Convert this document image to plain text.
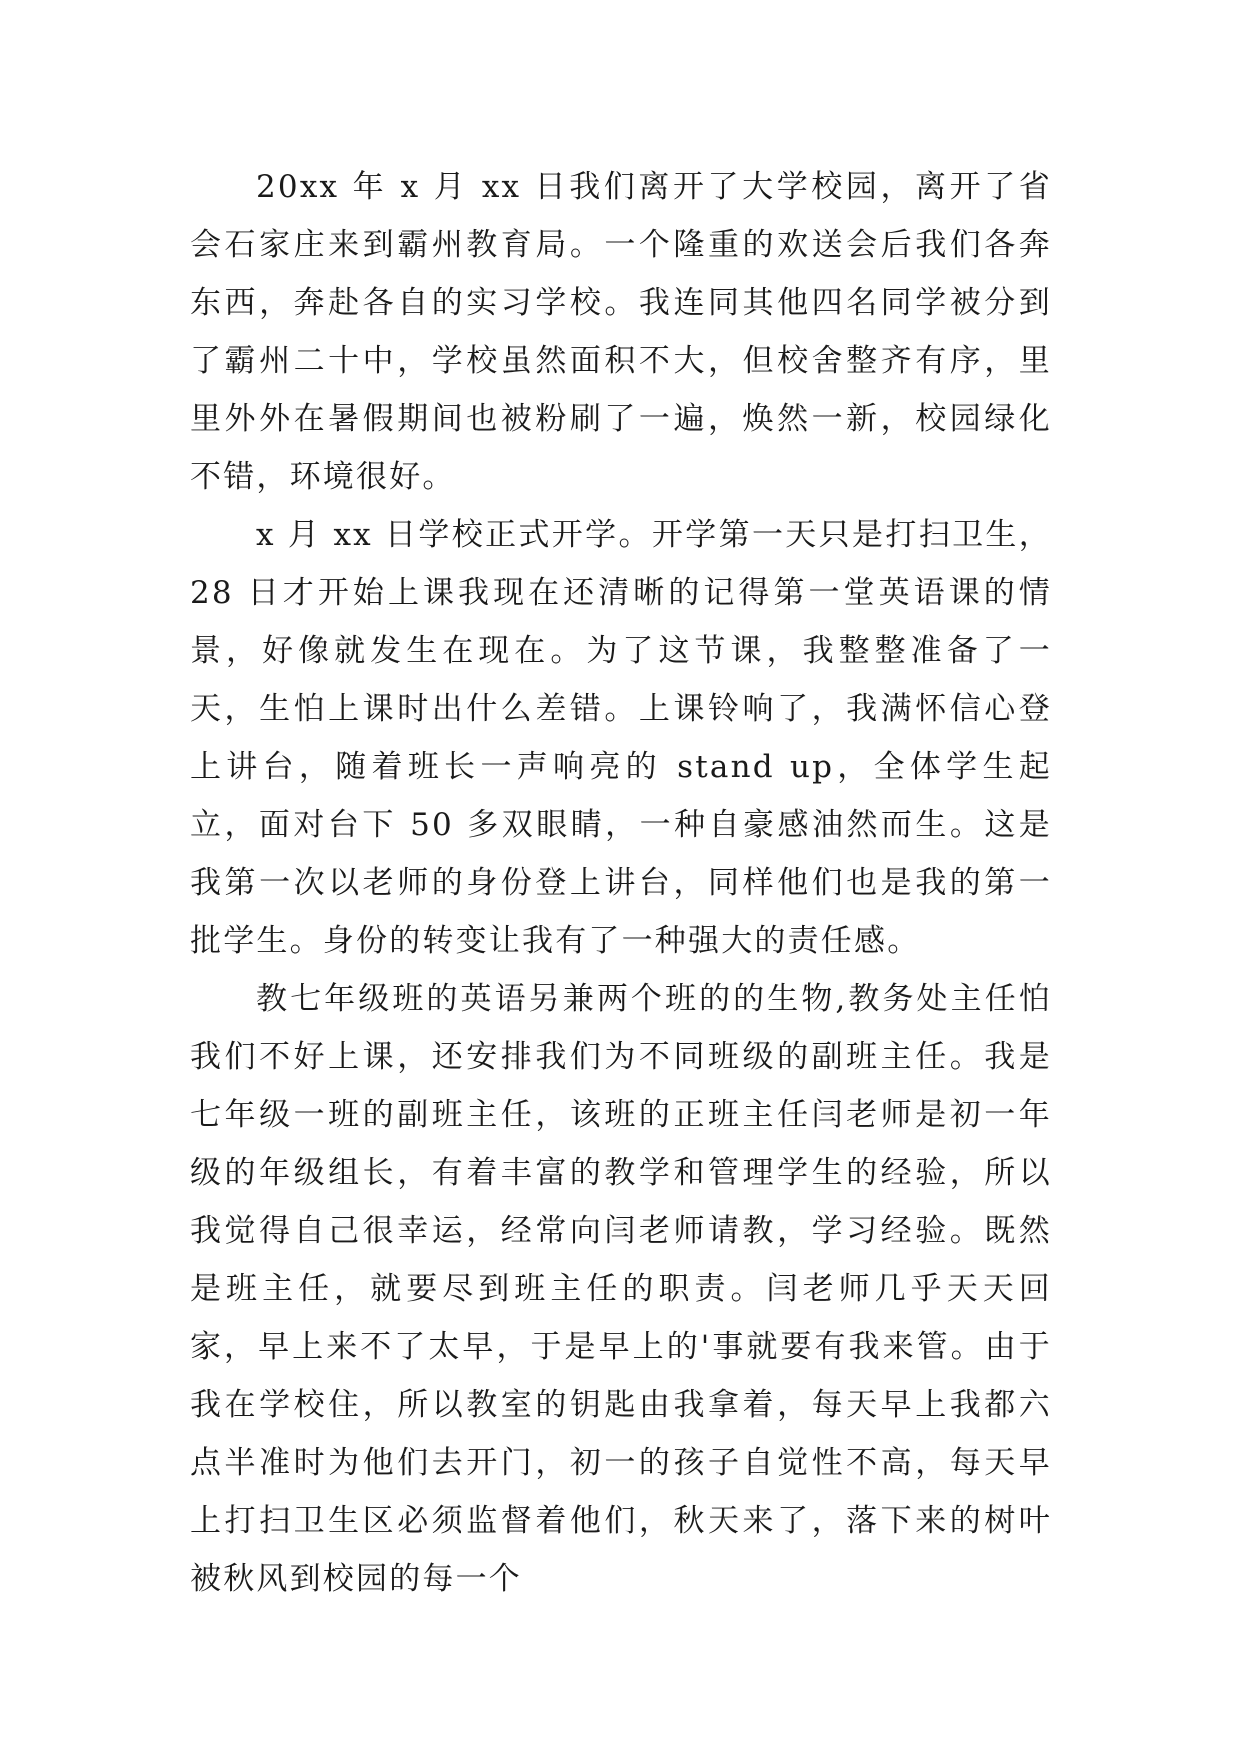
20xx 年 x 月 xx 日我们离开了大学校园，离开了省会石家庄来到霸州教育局。一个隆重的欢送会后我们各奔东西，奔赴各自的实习学校。我连同其他四名同学被分到了霸州二十中，学校虽然面积不大，但校舍整齐有序，里里外外在暑假期间也被粉刷了一遍，焕然一新，校园绿化不错，环境很好。

x 月 xx 日学校正式开学。开学第一天只是打扫卫生，28 日才开始上课我现在还清晰的记得第一堂英语课的情景，好像就发生在现在。为了这节课，我整整准备了一天，生怕上课时出什么差错。上课铃响了，我满怀信心登上讲台，随着班长一声响亮的 stand up，全体学生起立，面对台下 50 多双眼睛，一种自豪感油然而生。这是我第一次以老师的身份登上讲台，同样他们也是我的第一批学生。身份的转变让我有了一种强大的责任感。

教七年级班的英语另兼两个班的的生物,教务处主任怕我们不好上课，还安排我们为不同班级的副班主任。我是七年级一班的副班主任，该班的正班主任闫老师是初一年级的年级组长，有着丰富的教学和管理学生的经验，所以我觉得自己很幸运，经常向闫老师请教，学习经验。既然是班主任，就要尽到班主任的职责。闫老师几乎天天回家，早上来不了太早，于是早上的'事就要有我来管。由于我在学校住，所以教室的钥匙由我拿着，每天早上我都六点半准时为他们去开门，初一的孩子自觉性不高，每天早上打扫卫生区必须监督着他们，秋天来了，落下来的树叶被秋风到校园的每一个
